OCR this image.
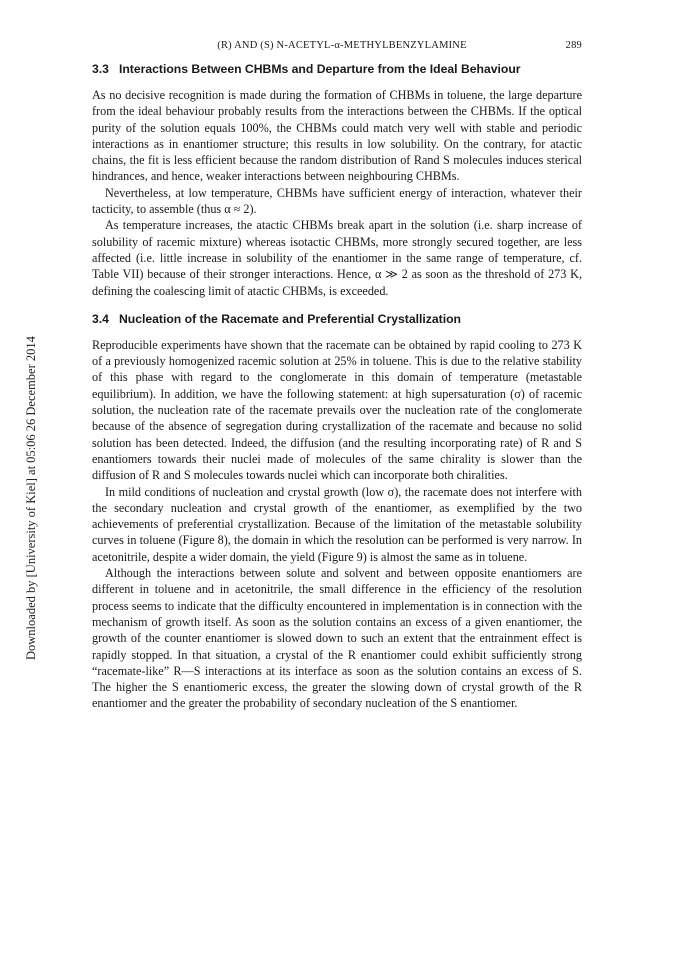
Downloaded by [University of Kiel] at 05:06 26 December 2014
(R) AND (S) N-ACETYL-α-METHYLBENZYLAMINE	289
3.3 Interactions Between CHBMs and Departure from the Ideal Behaviour

As no decisive recognition is made during the formation of CHBMs in toluene, the large departure from the ideal behaviour probably results from the interactions between the CHBMs. If the optical purity of the solution equals 100%, the CHBMs could match very well with stable and periodic interactions as in enantiomer structure; this results in low solubility. On the contrary, for atactic chains, the fit is less efficient because the random distribution of Rand S molecules induces sterical hindrances, and hence, weaker interactions between neighbouring CHBMs.

Nevertheless, at low temperature, CHBMs have sufficient energy of interaction, whatever their tacticity, to assemble (thus α ≈ 2).

As temperature increases, the atactic CHBMs break apart in the solution (i.e. sharp increase of solubility of racemic mixture) whereas isotactic CHBMs, more strongly secured together, are less affected (i.e. little increase in solubility of the enantiomer in the same range of temperature, cf. Table VII) because of their stronger interactions. Hence, α ≫ 2 as soon as the threshold of 273 K, defining the coalescing limit of atactic CHBMs, is exceeded.

3.4 Nucleation of the Racemate and Preferential Crystallization

Reproducible experiments have shown that the racemate can be obtained by rapid cooling to 273 K of a previously homogenized racemic solution at 25% in toluene. This is due to the relative stability of this phase with regard to the conglomerate in this domain of temperature (metastable equilibrium). In addition, we have the following statement: at high supersaturation (σ) of racemic solution, the nucleation rate of the racemate prevails over the nucleation rate of the conglomerate because of the absence of segregation during crystallization of the racemate and because no solid solution has been detected. Indeed, the diffusion (and the resulting incorporating rate) of R and S enantiomers towards their nuclei made of molecules of the same chirality is slower than the diffusion of R and S molecules towards nuclei which can incorporate both chiralities.

In mild conditions of nucleation and crystal growth (low σ), the racemate does not interfere with the secondary nucleation and crystal growth of the enantiomer, as exemplified by the two achievements of preferential crystallization. Because of the limitation of the metastable solubility curves in toluene (Figure 8), the domain in which the resolution can be performed is very narrow. In acetonitrile, despite a wider domain, the yield (Figure 9) is almost the same as in toluene.

Although the interactions between solute and solvent and between opposite enantiomers are different in toluene and in acetonitrile, the small difference in the efficiency of the resolution process seems to indicate that the difficulty encountered in implementation is in connection with the mechanism of growth itself. As soon as the solution contains an excess of a given enantiomer, the growth of the counter enantiomer is slowed down to such an extent that the entrainment effect is rapidly stopped. In that situation, a crystal of the R enantiomer could exhibit sufficiently strong “racemate-like” R—S interactions at its interface as soon as the solution contains an excess of S. The higher the S enantiomeric excess, the greater the slowing down of crystal growth of the R enantiomer and the greater the probability of secondary nucleation of the S enantiomer.
